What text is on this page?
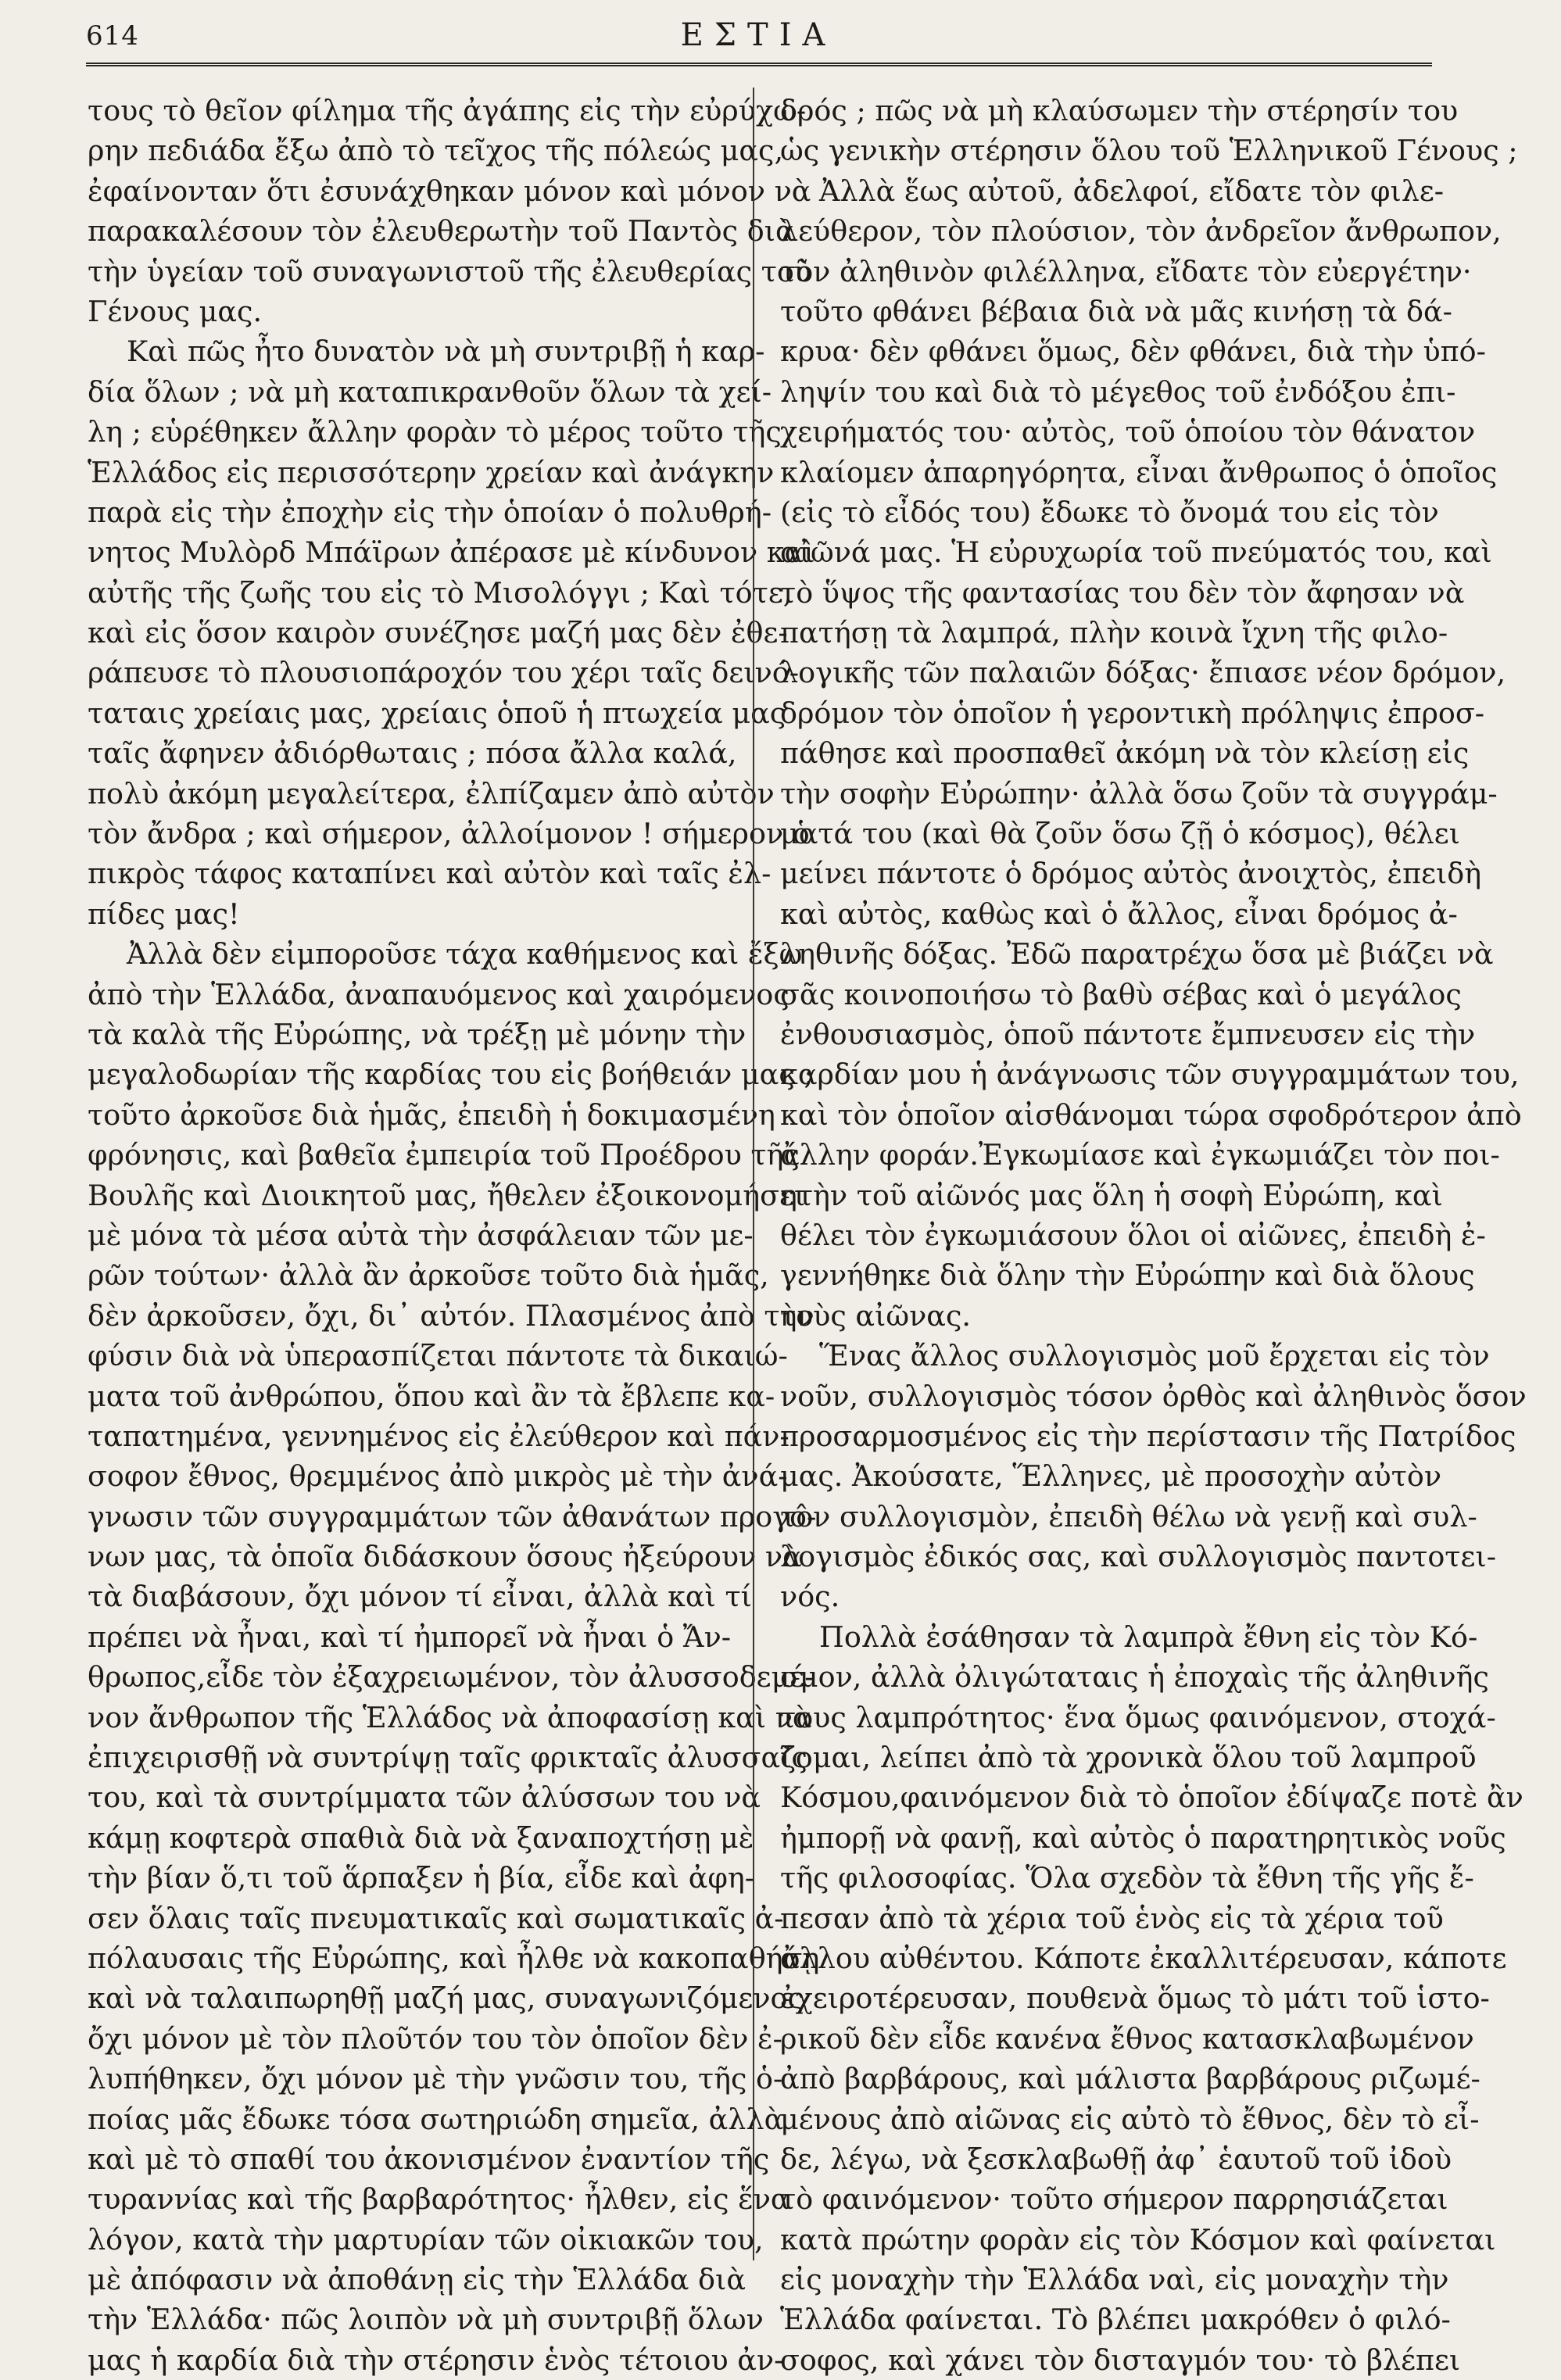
614	ΕΣΤΙΑ
τους τὸ θεῖον φίλημα τῆς ἀγάπης εἰς τὴν εὐρύχω-
ρην πεδιάδα ἔξω ἀπὸ τὸ τεῖχος τῆς πόλεώς μας,
ἐφαίνονταν ὅτι ἐσυνάχθηκαν μόνον καὶ μόνον νὰ
παρακαλέσουν τὸν ἐλευθερωτὴν τοῦ Παντὸς διὰ
τὴν ὑγείαν τοῦ συναγωνιστοῦ τῆς ἐλευθερίας τοῦ
Γένους μας.
Καὶ πῶς ἦτο δυνατὸν νὰ μὴ συντριβῇ ἡ καρ-
δία ὅλων ; νὰ μὴ καταπικρανθοῦν ὅλων τὰ χεί-
λη ; εὑρέθηκεν ἄλλην φορὰν τὸ μέρος τοῦτο τῆς
Ἑλλάδος εἰς περισσότερην χρείαν καὶ ἀνάγκην
παρὰ εἰς τὴν ἐποχὴν εἰς τὴν ὁποίαν ὁ πολυθρή-
νητος Μυλὸρδ Μπάϊρων ἀπέρασε μὲ κίνδυνον καὶ
αὐτῆς τῆς ζωῆς του εἰς τὸ Μισολόγγι ; Καὶ τότε,
καὶ εἰς ὅσον καιρὸν συνέζησε μαζή μας δὲν ἐθε-
ράπευσε τὸ πλουσιοπάροχόν του χέρι ταῖς δεινό-
ταταις χρείαις μας, χρείαις ὁποῦ ἡ πτωχεία μας
ταῖς ἄφηνεν ἀδιόρθωταις ; πόσα ἄλλα καλά,
πολὺ ἀκόμη μεγαλείτερα, ἐλπίζαμεν ἀπὸ αὐτὸν
τὸν ἄνδρα ; καὶ σήμερον, ἀλλοίμονον ! σήμερον ὁ
πικρὸς τάφος καταπίνει καὶ αὐτὸν καὶ ταῖς ἐλ-
πίδες μας!
Ἀλλὰ δὲν εἰμποροῦσε τάχα καθήμενος καὶ ἔξω
ἀπὸ τὴν Ἑλλάδα, ἀναπαυόμενος καὶ χαιρόμενος
τὰ καλὰ τῆς Εὐρώπης, νὰ τρέξῃ μὲ μόνην τὴν
μεγαλοδωρίαν τῆς καρδίας του εἰς βοήθειάν μας ;
τοῦτο ἀρκοῦσε διὰ ἡμᾶς, ἐπειδὴ ἡ δοκιμασμένη
φρόνησις, καὶ βαθεῖα ἐμπειρία τοῦ Προέδρου τῆς
Βουλῆς καὶ Διοικητοῦ μας, ἤθελεν ἐξοικονομήσει
μὲ μόνα τὰ μέσα αὐτὰ τὴν ἀσφάλειαν τῶν με-
ρῶν τούτων· ἀλλὰ ἂν ἀρκοῦσε τοῦτο διὰ ἡμᾶς,
δὲν ἀρκοῦσεν, ὄχι, δι᾽ αὐτόν. Πλασμένος ἀπὸ τὴν
φύσιν διὰ νὰ ὑπερασπίζεται πάντοτε τὰ δικαιώ-
ματα τοῦ ἀνθρώπου, ὅπου καὶ ἂν τὰ ἔβλεπε κα-
ταπατημένα, γεννημένος εἰς ἐλεύθερον καὶ πάν-
σοφον ἔθνος, θρεμμένος ἀπὸ μικρὸς μὲ τὴν ἀνά-
γνωσιν τῶν συγγραμμάτων τῶν ἀθανάτων προγό-
νων μας, τὰ ὁποῖα διδάσκουν ὅσους ἠξεύρουν νὰ
τὰ διαβάσουν, ὄχι μόνον τί εἶναι, ἀλλὰ καὶ τί
πρέπει νὰ ἦναι, καὶ τί ἠμπορεῖ νὰ ἦναι ὁ Ἄν-
θρωπος,εἶδε τὸν ἐξαχρειωμένον, τὸν ἀλυσσοδεμέ-
νον ἄνθρωπον τῆς Ἑλλάδος νὰ ἀποφασίσῃ καὶ νὰ
ἐπιχειρισθῇ νὰ συντρίψῃ ταῖς φρικταῖς ἀλυσσαῖς
του, καὶ τὰ συντρίμματα τῶν ἀλύσσων του νὰ
κάμῃ κοφτερὰ σπαθιὰ διὰ νὰ ξαναποχτήσῃ μὲ
τὴν βίαν ὅ,τι τοῦ ἅρπαξεν ἡ βία, εἶδε καὶ ἀφη-
σεν ὅλαις ταῖς πνευματικαῖς καὶ σωματικαῖς ἀ-
πόλαυσαις τῆς Εὐρώπης, καὶ ἦλθε νὰ κακοπαθήσῃ
καὶ νὰ ταλαιπωρηθῇ μαζή μας, συναγωνιζόμενος
ὄχι μόνον μὲ τὸν πλοῦτόν του τὸν ὁποῖον δὲν ἐ-
λυπήθηκεν, ὄχι μόνον μὲ τὴν γνῶσιν του, τῆς ὁ-
ποίας μᾶς ἔδωκε τόσα σωτηριώδη σημεῖα, ἀλλὰ
καὶ μὲ τὸ σπαθί του ἀκονισμένον ἐναντίον τῆς
τυραννίας καὶ τῆς βαρβαρότητος· ἦλθεν, εἰς ἕνα
λόγον, κατὰ τὴν μαρτυρίαν τῶν οἰκιακῶν του,
μὲ ἀπόφασιν νὰ ἀποθάνῃ εἰς τὴν Ἑλλάδα διὰ
τὴν Ἑλλάδα· πῶς λοιπὸν νὰ μὴ συντριβῇ ὅλων
μας ἡ καρδία διὰ τὴν στέρησιν ἑνὸς τέτοιου ἀν-
δρός ; πῶς νὰ μὴ κλαύσωμεν τὴν στέρησίν του
ὡς γενικὴν στέρησιν ὅλου τοῦ Ἑλληνικοῦ Γένους ;
Ἀλλὰ ἕως αὐτοῦ, ἀδελφοί, εἴδατε τὸν φιλε-
λεύθερον, τὸν πλούσιον, τὸν ἀνδρεῖον ἄνθρωπον,
τὸν ἀληθινὸν φιλέλληνα, εἴδατε τὸν εὐεργέτην·
τοῦτο φθάνει βέβαια διὰ νὰ μᾶς κινήσῃ τὰ δά-
κρυα· δὲν φθάνει ὅμως, δὲν φθάνει, διὰ τὴν ὑπό-
ληψίν του καὶ διὰ τὸ μέγεθος τοῦ ἐνδόξου ἐπι-
χειρήματός του· αὐτὸς, τοῦ ὁποίου τὸν θάνατον
κλαίομεν ἀπαρηγόρητα, εἶναι ἄνθρωπος ὁ ὁποῖος
(εἰς τὸ εἶδός του) ἔδωκε τὸ ὄνομά του εἰς τὸν
αἰῶνά μας. Ἡ εὐρυχωρία τοῦ πνεύματός του, καὶ
τὸ ὕψος τῆς φαντασίας του δὲν τὸν ἄφησαν νὰ
πατήσῃ τὰ λαμπρά, πλὴν κοινὰ ἴχνη τῆς φιλο-
λογικῆς τῶν παλαιῶν δόξας· ἔπιασε νέον δρόμον,
δρόμον τὸν ὁποῖον ἡ γεροντικὴ πρόληψις ἐπροσ-
πάθησε καὶ προσπαθεῖ ἀκόμη νὰ τὸν κλείσῃ εἰς
τὴν σοφὴν Εὐρώπην· ἀλλὰ ὅσω ζοῦν τὰ συγγράμ-
ματά του (καὶ θὰ ζοῦν ὅσω ζῇ ὁ κόσμος), θέλει
μείνει πάντοτε ὁ δρόμος αὐτὸς ἀνοιχτὸς, ἐπειδὴ
καὶ αὐτὸς, καθὼς καὶ ὁ ἄλλος, εἶναι δρόμος ἀ-
ληθινῆς δόξας. Ἐδῶ παρατρέχω ὅσα μὲ βιάζει νὰ
σᾶς κοινοποιήσω τὸ βαθὺ σέβας καὶ ὁ μεγάλος
ἐνθουσιασμὸς, ὁποῦ πάντοτε ἔμπνευσεν εἰς τὴν
καρδίαν μου ἡ ἀνάγνωσις τῶν συγγραμμάτων του,
καὶ τὸν ὁποῖον αἰσθάνομαι τώρα σφοδρότερον ἀπὸ
ἄλλην φοράν.Ἐγκωμίασε καὶ ἐγκωμιάζει τὸν ποι-
ητὴν τοῦ αἰῶνός μας ὅλη ἡ σοφὴ Εὐρώπη, καὶ
θέλει τὸν ἐγκωμιάσουν ὅλοι οἱ αἰῶνες, ἐπειδὴ ἐ-
γεννήθηκε διὰ ὅλην τὴν Εὐρώπην καὶ διὰ ὅλους
τοὺς αἰῶνας.
Ἕνας ἄλλος συλλογισμὸς μοῦ ἔρχεται εἰς τὸν
νοῦν, συλλογισμὸς τόσον ὀρθὸς καὶ ἀληθινὸς ὅσον
προσαρμοσμένος εἰς τὴν περίστασιν τῆς Πατρίδος
μας. Ἀκούσατε, Ἕλληνες, μὲ προσοχὴν αὐτὸν
τὸν συλλογισμὸν, ἐπειδὴ θέλω νὰ γενῇ καὶ συλ-
λογισμὸς ἐδικός σας, καὶ συλλογισμὸς παντοτει-
νός.
Πολλὰ ἐσάθησαν τὰ λαμπρὰ ἔθνη εἰς τὸν Κό-
σμον, ἀλλὰ ὀλιγώταταις ἡ ἐποχαὶς τῆς ἀληθινῆς
τους λαμπρότητος· ἕνα ὅμως φαινόμενον, στοχά-
ζομαι, λείπει ἀπὸ τὰ χρονικὰ ὅλου τοῦ λαμπροῦ
Κόσμου,φαινόμενον διὰ τὸ ὁποῖον ἐδίψαζε ποτὲ ἂν
ἠμπορῇ νὰ φανῇ, καὶ αὐτὸς ὁ παρατηρητικὸς νοῦς
τῆς φιλοσοφίας. Ὅλα σχεδὸν τὰ ἔθνη τῆς γῆς ἔ-
πεσαν ἀπὸ τὰ χέρια τοῦ ἑνὸς εἰς τὰ χέρια τοῦ
ἄλλου αὐθέντου. Κάποτε ἐκαλλιτέρευσαν, κάποτε
ἐχειροτέρευσαν, πουθενὰ ὅμως τὸ μάτι τοῦ ἱστο-
ρικοῦ δὲν εἶδε κανένα ἔθνος κατασκλαβωμένον
ἀπὸ βαρβάρους, καὶ μάλιστα βαρβάρους ριζωμέ-
μένους ἀπὸ αἰῶνας εἰς αὐτὸ τὸ ἔθνος, δὲν τὸ εἶ-
δε, λέγω, νὰ ξεσκλαβωθῇ ἀφ᾽ ἑαυτοῦ τοῦ ἰδοὺ
τὸ φαινόμενον· τοῦτο σήμερον παρρησιάζεται
κατὰ πρώτην φορὰν εἰς τὸν Κόσμον καὶ φαίνεται
εἰς μοναχὴν τὴν Ἑλλάδα ναὶ, εἰς μοναχὴν τὴν
Ἑλλάδα φαίνεται. Τὸ βλέπει μακρόθεν ὁ φιλό-
σοφος, καὶ χάνει τὸν δισταγμόν του· τὸ βλέπει
